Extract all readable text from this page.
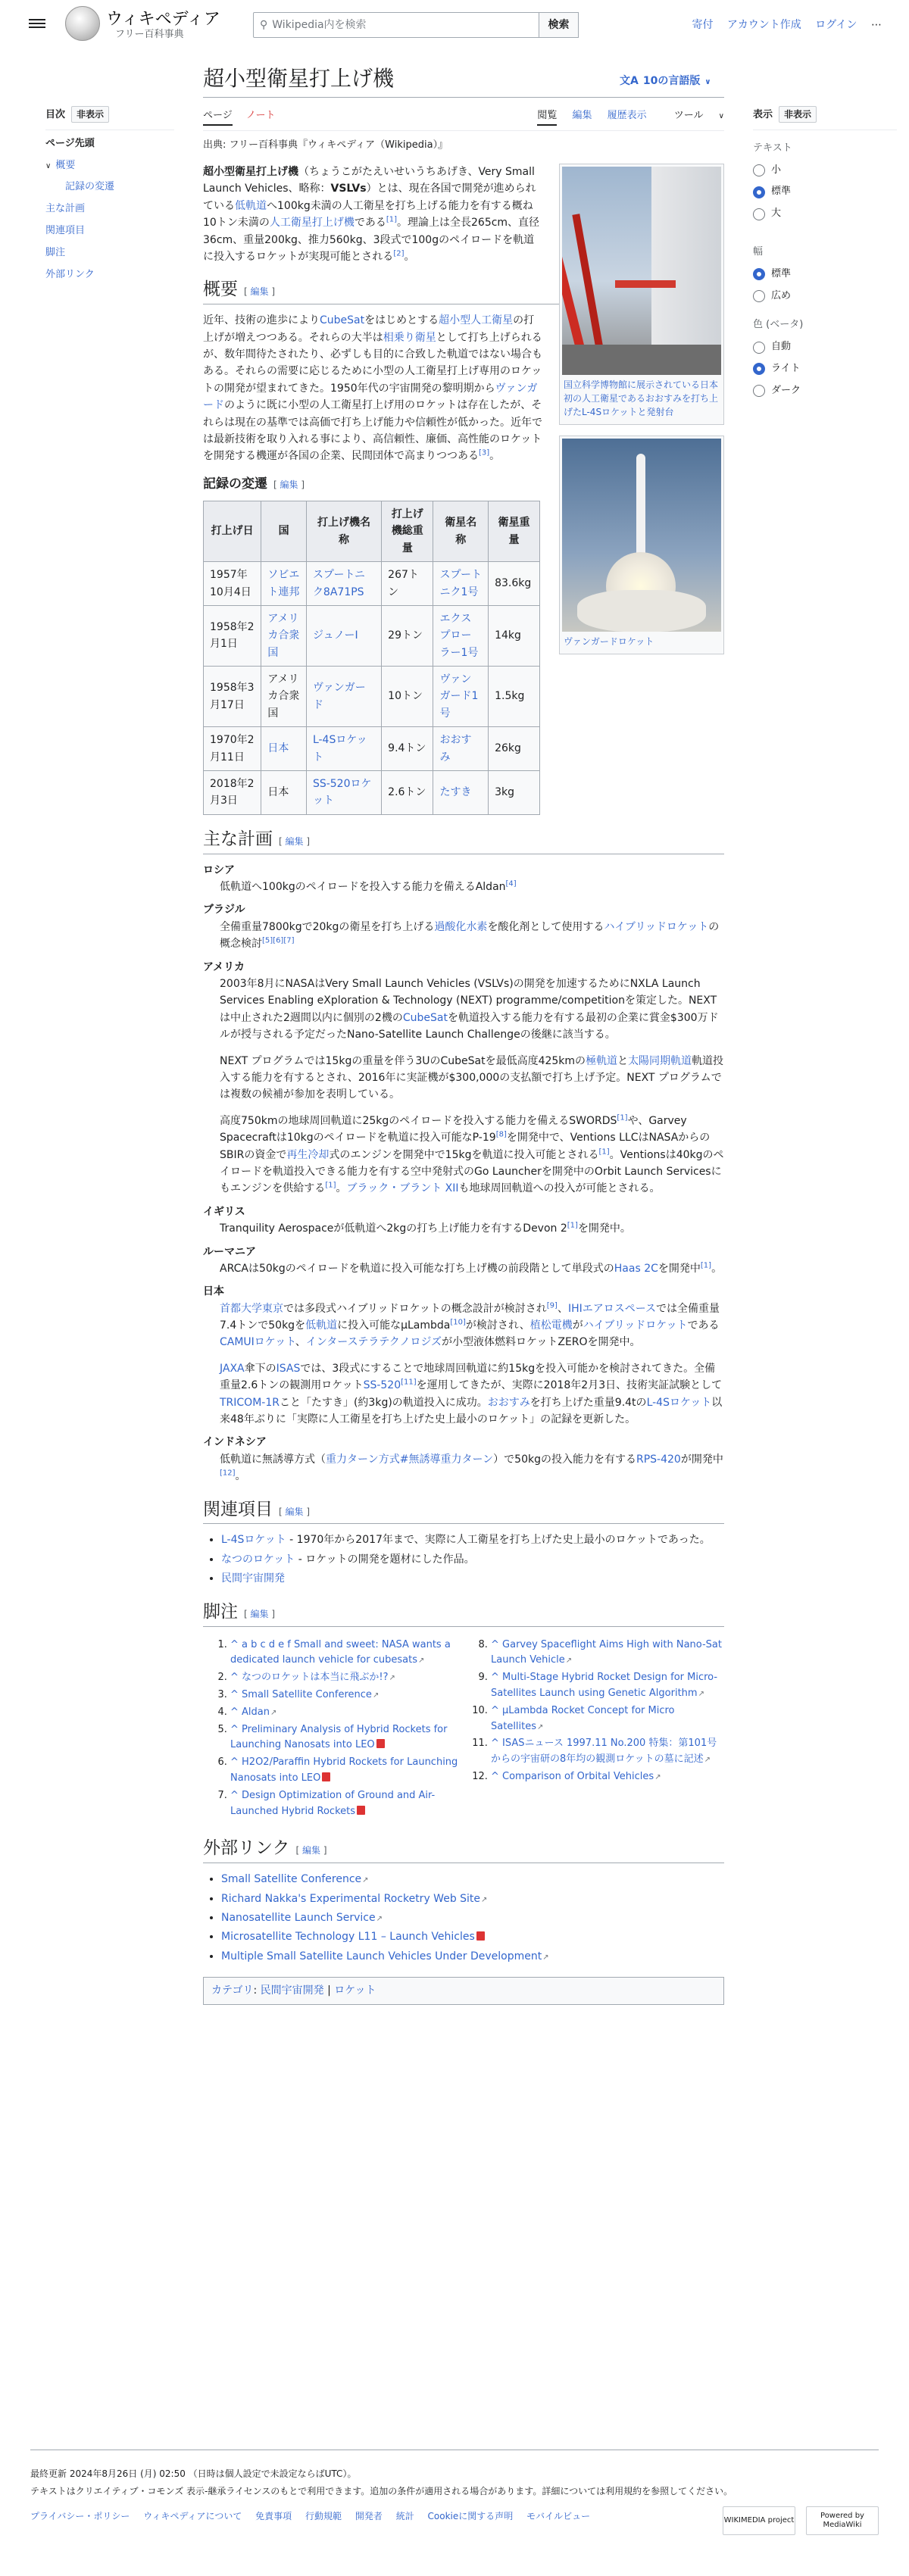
ウィキペディア
フリー百科事典
⚲ Wikipedia内を検索	検索	寄付 アカウント作成 ログイン ⋯
目次 非表示
ページ先頭
∨ 概要
記録の変遷
主な計画
関連項目
脚注
外部リンク
超小型衛星打上げ機	文A 10の言語版 ∨
ページ ノート	閲覧 編集 履歴表示	ツール ∨
出典: フリー百科事典『ウィキペディア（Wikipedia）』
表示 非表示
テキスト
小
標準
大
幅
標準
広め
色 (ベータ)
自動
ライト
ダーク
国立科学博物館に展示されている日本初の人工衛星であるおおすみを打ち上げたL-4Sロケットと発射台
ヴァンガードロケット

超小型衛星打上げ機（ちょうこがたえいせいうちあげき、Very Small Launch Vehicles、略称：VSLVs）とは、現在各国で開発が進められている低軌道へ100kg未満の人工衛星を打ち上げる能力を有する概ね10トン未満の人工衛星打上げ機である[1]。理論上は全長265cm、直径36cm、重量200kg、推力560kg、3段式で100gのペイロードを軌道に投入するロケットが実現可能とされる[2]。

概要 [ 編集 ]

近年、技術の進歩によりCubeSatをはじめとする超小型人工衛星の打上げが増えつつある。それらの大半は相乗り衛星として打ち上げられるが、数年間待たされたり、必ずしも目的に合致した軌道ではない場合もある。それらの需要に応じるために小型の人工衛星打上げ専用のロケットの開発が望まれてきた。1950年代の宇宙開発の黎明期からヴァンガードのように既に小型の人工衛星打上げ用のロケットは存在したが、それらは現在の基準では高価で打ち上げ能力や信頼性が低かった。近年では最新技術を取り入れる事により、高信頼性、廉価、高性能のロケットを開発する機運が各国の企業、民間団体で高まりつつある[3]。

記録の変遷 [ 編集 ]
打上げ日	国	打上げ機名称	打上げ機総重量	衛星名称	衛星重量
1957年10月4日	ソビエト連邦	スプートニク8A71PS	267トン	スプートニク1号	83.6kg
1958年2月1日	アメリカ合衆国	ジュノーI	29トン	エクスプローラー1号	14kg
1958年3月17日	アメリカ合衆国	ヴァンガード	10トン	ヴァンガード1号	1.5kg
1970年2月11日	日本	L-4Sロケット	9.4トン	おおすみ	26kg
2018年2月3日	日本	SS-520ロケット	2.6トン	たすき	3kg
主な計画 [ 編集 ]
ロシア
低軌道へ100kgのペイロードを投入する能力を備えるAldan[4]
ブラジル
全備重量7800kgで20kgの衛星を打ち上げる過酸化水素を酸化剤として使用するハイブリッドロケットの概念検討[5][6][7]
アメリカ

2003年8月にNASAはVery Small Launch Vehicles (VSLVs)の開発を加速するためにNXLA Launch Services Enabling eXploration & Technology (NEXT) programme/competitionを策定した。NEXTは中止された2週間以内に個別の2機のCubeSatを軌道投入する能力を有する最初の企業に賞金$300万ドルが授与される予定だったNano-Satellite Launch Challengeの後継に該当する。

NEXT プログラムでは15kgの重量を伴う3UのCubeSatを最低高度425kmの極軌道と太陽同期軌道軌道投入する能力を有するとされ、2016年に実証機が$300,000の支払額で打ち上げ予定。NEXT プログラムでは複数の候補が参加を表明している。

高度750kmの地球周回軌道に25kgのペイロードを投入する能力を備えるSWORDS[1]や、Garvey Spacecraftは10kgのペイロードを軌道に投入可能なP-19[8]を開発中で、Ventions LLCはNASAからのSBIRの資金で再生冷却式のエンジンを開発中で15kgを軌道に投入可能とされる[1]。Ventionsは40kgのペイロードを軌道投入できる能力を有する空中発射式のGo Launcherを開発中のOrbit Launch Servicesにもエンジンを供給する[1]。ブラック・ブラント XIIも地球周回軌道への投入が可能とされる。

イギリス
Tranquility Aerospaceが低軌道へ2kgの打ち上げ能力を有するDevon 2[1]を開発中。
ルーマニア
ARCAは50kgのペイロードを軌道に投入可能な打ち上げ機の前段階として単段式のHaas 2Cを開発中[1]。
日本

首都大学東京では多段式ハイブリッドロケットの概念設計が検討され[9]、IHIエアロスペースでは全備重量7.4トンで50kgを低軌道に投入可能なμLambda[10]が検討され、植松電機がハイブリッドロケットであるCAMUIロケット、インターステラテクノロジズが小型液体燃料ロケットZEROを開発中。

JAXA傘下のISASでは、3段式にすることで地球周回軌道に約15kgを投入可能かを検討されてきた。全備重量2.6トンの観測用ロケットSS-520[11]を運用してきたが、実際に2018年2月3日、技術実証試験としてTRICOM-1Rこと「たすき」(約3kg)の軌道投入に成功。おおすみを打ち上げた重量9.4tのL-4Sロケット以来48年ぶりに「実際に人工衛星を打ち上げた史上最小のロケット」の記録を更新した。

インドネシア
低軌道に無誘導方式（重力ターン方式#無誘導重力ターン）で50kgの投入能力を有するRPS-420が開発中[12]。
関連項目 [ 編集 ]
• L-4Sロケット - 1970年から2017年まで、実際に人工衛星を打ち上げた史上最小のロケットであった。
• なつのロケット - ロケットの開発を題材にした作品。
• 民間宇宙開発
脚注 [ 編集 ]
1. ^ a b c d e f Small and sweet: NASA wants a dedicated launch vehicle for cubesats↗
2. ^ なつのロケットは本当に飛ぶか!?↗
3. ^ Small Satellite Conference↗
4. ^ Aldan↗
5. ^ Preliminary Analysis of Hybrid Rockets for Launching Nanosats into LEO
6. ^ H2O2/Paraffin Hybrid Rockets for Launching Nanosats into LEO
7. ^ Design Optimization of Ground and Air-Launched Hybrid Rockets
8. ^ Garvey Spaceflight Aims High with Nano-Sat Launch Vehicle↗
9. ^ Multi-Stage Hybrid Rocket Design for Micro-Satellites Launch using Genetic Algorithm↗
10. ^ μLambda Rocket Concept for Micro Satellites↗
11. ^ ISASニュース 1997.11 No.200 特集：第101号からの宇宙研の8年均の観測ロケットの墓に記述↗
12. ^ Comparison of Orbital Vehicles↗
外部リンク [ 編集 ]
• Small Satellite Conference↗
• Richard Nakka's Experimental Rocketry Web Site↗
• Nanosatellite Launch Service↗
• Microsatellite Technology L11 – Launch Vehicles
• Multiple Small Satellite Launch Vehicles Under Development↗
カテゴリ: 民間宇宙開発 | ロケット
最終更新 2024年8月26日 (月) 02:50 （日時は個人設定で未設定ならばUTC）。
テキストはクリエイティブ・コモンズ 表示-継承ライセンスのもとで利用できます。追加の条件が適用される場合があります。詳細については利用規約を参照してください。
プライバシー・ポリシー ウィキペディアについて 免責事項 行動規範 開発者 統計 Cookieに関する声明 モバイルビュー	WIKIMEDIA project
Powered by MediaWiki
